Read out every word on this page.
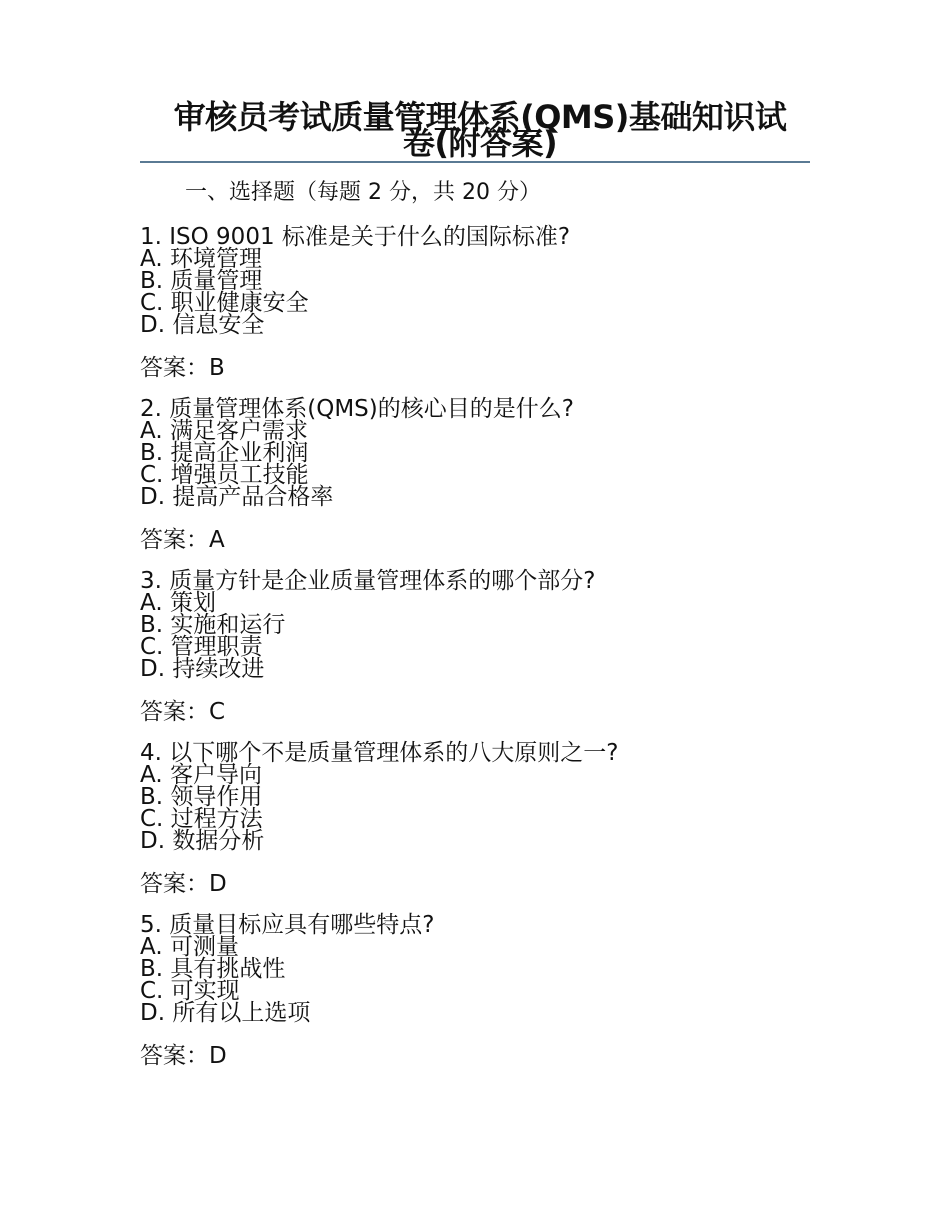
审核员考试质量管理体系(QMS)基础知识试卷(附答案)
一、选择题（每题 2 分，共 20 分）
1. ISO 9001 标准是关于什么的国际标准?
A. 环境管理
B. 质量管理
C. 职业健康安全
D. 信息安全
答案：B
2. 质量管理体系(QMS)的核心目的是什么?
A. 满足客户需求
B. 提高企业利润
C. 增强员工技能
D. 提高产品合格率
答案：A
3. 质量方针是企业质量管理体系的哪个部分?
A. 策划
B. 实施和运行
C. 管理职责
D. 持续改进
答案：C
4. 以下哪个不是质量管理体系的八大原则之一?
A. 客户导向
B. 领导作用
C. 过程方法
D. 数据分析
答案：D
5. 质量目标应具有哪些特点?
A. 可测量
B. 具有挑战性
C. 可实现
D. 所有以上选项
答案：D
